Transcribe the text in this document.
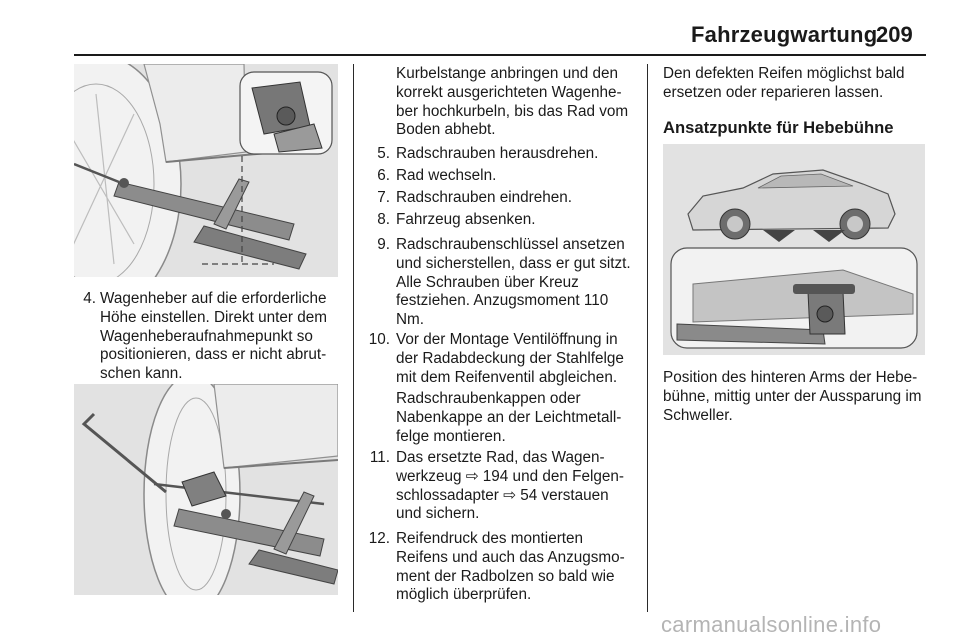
Fahrzeugwartung
209
4. Wagenheber auf die erforderliche Höhe einstellen. Direkt unter dem Wagenheberaufnahmepunkt so positionieren, dass er nicht abrutschen kann.
Kurbelstange anbringen und den korrekt ausgerichteten Wagenheber hochkurbeln, bis das Rad vom Boden abhebt.
5. Radschrauben herausdrehen.
6. Rad wechseln.
7. Radschrauben eindrehen.
8. Fahrzeug absenken.
9. Radschraubenschlüssel ansetzen und sicherstellen, dass er gut sitzt. Alle Schrauben über Kreuz festziehen. Anzugsmoment 110 Nm.
10. Vor der Montage Ventilöffnung in der Radabdeckung der Stahlfelge mit dem Reifenventil abgleichen.
Radschraubenkappen oder Nabenkappe an der Leichtmetallfelge montieren.
11. Das ersetzte Rad, das Wagenwerkzeug ⇨ 194 und den Felgenschlossadapter ⇨ 54 verstauen und sichern.
12. Reifendruck des montierten Reifens und auch das Anzugsmoment der Radbolzen so bald wie möglich überprüfen.
Den defekten Reifen möglichst bald ersetzen oder reparieren lassen.
Ansatzpunkte für Hebebühne
Position des hinteren Arms der Hebebühne, mittig unter der Aussparung im Schweller.
carmanualsonline.info
